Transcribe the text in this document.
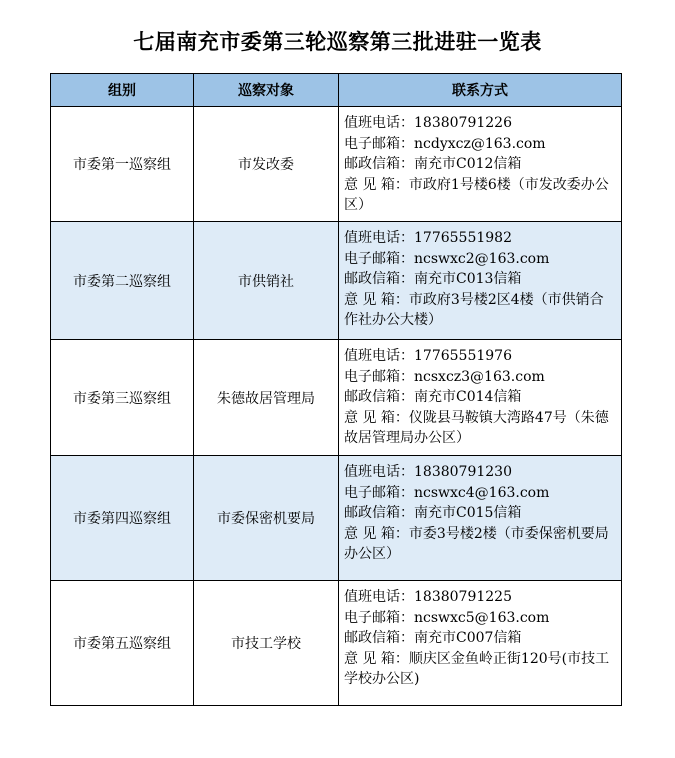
七届南充市委第三轮巡察第三批进驻一览表
组别	巡察对象	联系方式
市委第一巡察组	市发改委	值班电话：18380791226
电子邮箱：ncdyxcz@163.com
邮政信箱：南充市C012信箱
意 见 箱：市政府1号楼6楼（市发改委办公区）

市委第二巡察组	市供销社	值班电话：17765551982
电子邮箱：ncswxc2@163.com
邮政信箱：南充市C013信箱
意 见 箱：市政府3号楼2区4楼（市供销合作社办公大楼）

市委第三巡察组	朱德故居管理局	值班电话：17765551976
电子邮箱：ncsxcz3@163.com
邮政信箱：南充市C014信箱
意 见 箱：仪陇县马鞍镇大湾路47号（朱德故居管理局办公区）

市委第四巡察组	市委保密机要局	值班电话：18380791230
电子邮箱：ncswxc4@163.com
邮政信箱：南充市C015信箱
意 见 箱：市委3号楼2楼（市委保密机要局办公区）

市委第五巡察组	市技工学校	值班电话：18380791225
电子邮箱：ncswxc5@163.com
邮政信箱：南充市C007信箱
意 见 箱：顺庆区金鱼岭正街120号(市技工学校办公区)
